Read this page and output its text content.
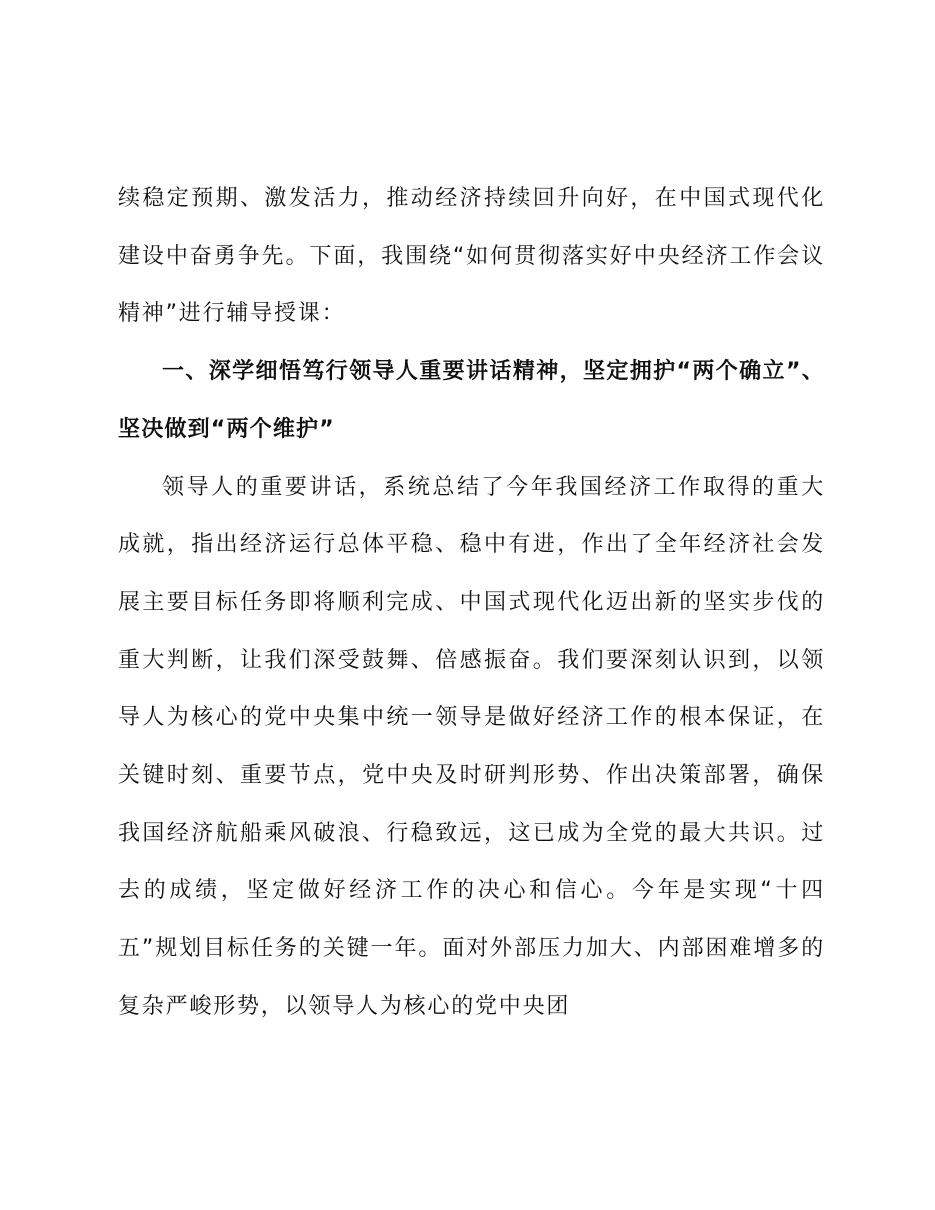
续稳定预期、激发活力，推动经济持续回升向好，在中国式现代化建设中奋勇争先。下面，我围绕“如何贯彻落实好中央经济工作会议精神”进行辅导授课：

一、深学细悟笃行领导人重要讲话精神，坚定拥护“两个确立”、坚决做到“两个维护”

领导人的重要讲话，系统总结了今年我国经济工作取得的重大成就，指出经济运行总体平稳、稳中有进，作出了全年经济社会发展主要目标任务即将顺利完成、中国式现代化迈出新的坚实步伐的重大判断，让我们深受鼓舞、倍感振奋。我们要深刻认识到，以领导人为核心的党中央集中统一领导是做好经济工作的根本保证，在关键时刻、重要节点，党中央及时研判形势、作出决策部署，确保我国经济航船乘风破浪、行稳致远，这已成为全党的最大共识。过去的成绩，坚定做好经济工作的决心和信心。今年是实现“十四五”规划目标任务的关键一年。面对外部压力加大、内部困难增多的复杂严峻形势，以领导人为核心的党中央团
